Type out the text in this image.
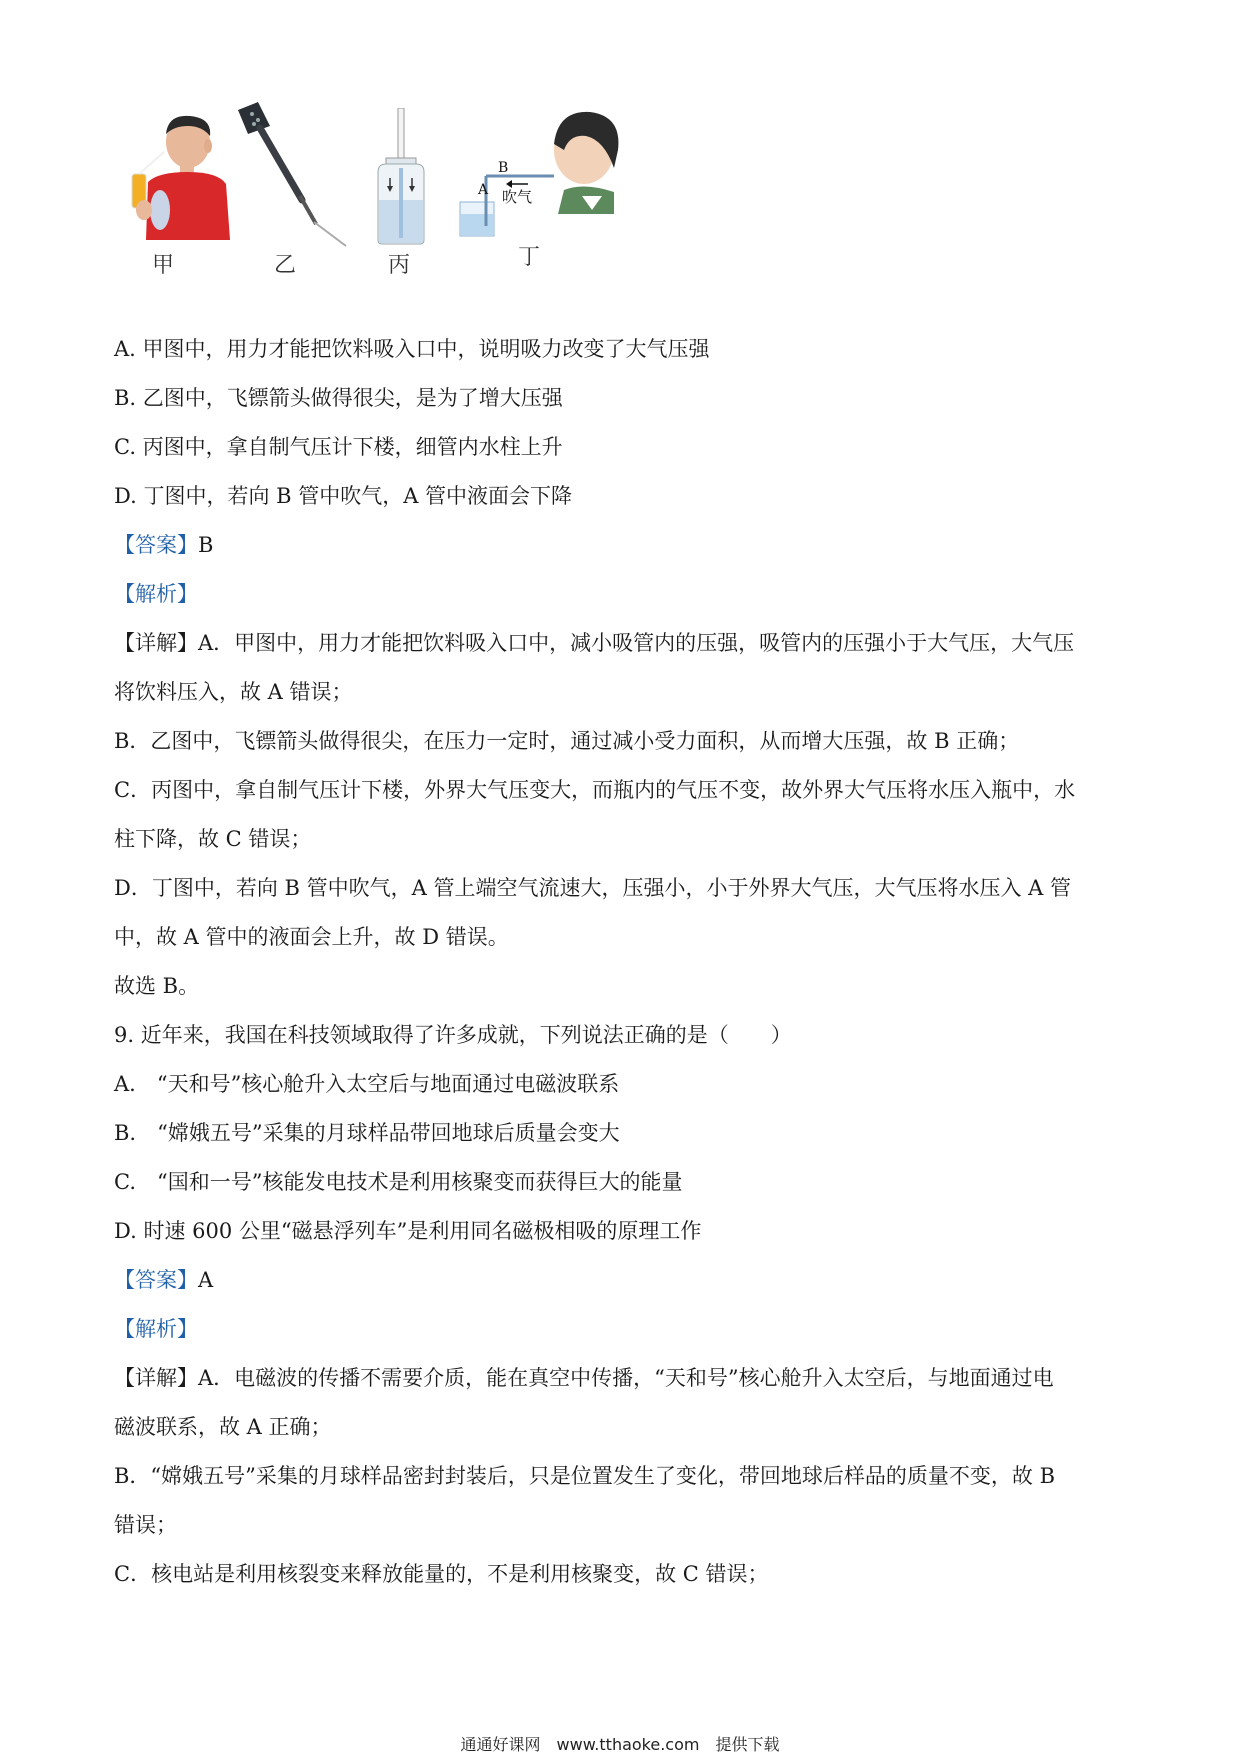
甲	乙	丙
B
A 吹气
丁
A. 甲图中，用力才能把饮料吸入口中，说明吸力改变了大气压强
B. 乙图中，飞镖箭头做得很尖，是为了增大压强
C. 丙图中，拿自制气压计下楼，细管内水柱上升
D. 丁图中，若向 B 管中吹气，A 管中液面会下降
【答案】B
【解析】
【详解】A．甲图中，用力才能把饮料吸入口中，减小吸管内的压强，吸管内的压强小于大气压，大气压
将饮料压入，故 A 错误；
B．乙图中，飞镖箭头做得很尖，在压力一定时，通过减小受力面积，从而增大压强，故 B 正确；
C．丙图中，拿自制气压计下楼，外界大气压变大，而瓶内的气压不变，故外界大气压将水压入瓶中，水
柱下降，故 C 错误；
D．丁图中，若向 B 管中吹气，A 管上端空气流速大，压强小，小于外界大气压，大气压将水压入 A 管
中，故 A 管中的液面会上升，故 D 错误。
故选 B。
9. 近年来，我国在科技领域取得了许多成就，下列说法正确的是（　　）
A.　“天和号”核心舱升入太空后与地面通过电磁波联系
B.　“嫦娥五号”采集的月球样品带回地球后质量会变大
C.　“国和一号”核能发电技术是利用核聚变而获得巨大的能量
D. 时速 600 公里“磁悬浮列车”是利用同名磁极相吸的原理工作
【答案】A
【解析】
【详解】A．电磁波的传播不需要介质，能在真空中传播，“天和号”核心舱升入太空后，与地面通过电
磁波联系，故 A 正确；
B．“嫦娥五号”采集的月球样品密封封装后，只是位置发生了变化，带回地球后样品的质量不变，故 B
错误；
C．核电站是利用核裂变来释放能量的，不是利用核聚变，故 C 错误；
通通好课网　www.tthaoke.com　提供下载
